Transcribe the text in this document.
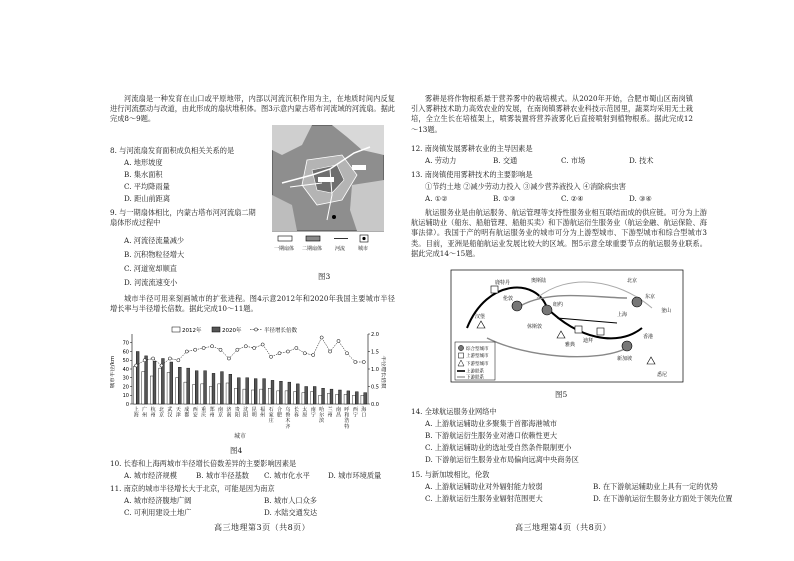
河流扇是一种发育在山口或平原地带，内部以河流沉积作用为主，在地质时间内反复进行河流摆动与改道，由此形成的扇状堆积体。图3示意内蒙古塔布河流域的河流扇。据此完成8～9题。
8. 与河流扇发育面积成负相关关系的是
A. 地形坡度
B. 集水面积
C. 平均降雨量
D. 距山前距离
9. 与一期扇体相比，内蒙古塔布河河流扇二期扇体形成过程中
A. 河流径流量减少
B. 沉积物粒径增大
C. 河道宽却顺直
D. 河流流速变小
一期扇体 二期扇体	河流	城市
图3
城市半径可用来刻画城市的扩张进程。图4示意2012年和2020年我国主要城市半径增长率与半径增长倍数。据此完成10～11题。
0
10
20
30
40
50
60
70
0.0
0.5
1.0
1.5
2.0
上
海
广
州
杭
州
北
京
武
汉
天
津
成
都
西
安
重
庆
郑
州
南
京
济
南
贵
阳
沈
阳
昆
明
福
州
石
家
庄
合
肥
乌
鲁
木
齐
长
春
太
原
南
宁
哈
尔
滨
兰
州
南
昌
呼
和
浩
特
西
宁
海
口
2012年	2020年	半径增长倍数
城市半径/km	半径增长倍数
城市
图4
10. 长春和上海两城市半径增长倍数差异的主要影响因素是
A. 城市经济规模	B. 城市半径基数 C. 城市化水平	D. 城市环境质量
11. 南京的城市半径增长大于北京，可能是因为南京
A. 城市经济腹地广阔	B. 城市人口众多
C. 可利用建设土地广	D. 水陆交通发达
高三地理第3页（共8页）
雾耕是将作物根系悬于营养雾中的栽培模式。从2020年开始，合肥市蜀山区南岗镇引入雾耕技术助力高效农业的发展，在南岗镇雾耕农业科技示范园里，蔬菜均采用无土栽培，全立生长在培植架上，喷雾装置将营养液雾化后直接喷射到植物根系。据此完成12～13题。
12. 南岗镇发展雾耕农业的主导因素是
A. 劳动力	B. 交通	C. 市场	D. 技术
13. 南岗镇使用雾耕技术的主要影响是
①节约土地 ②减少劳动力投入 ③减少营养液投入 ④消除病虫害
A. ①②	B. ①③	C. ②④	D. ③④
航运服务业是由航运服务、航运管理等支持性服务业相互联结而成的供应链。可分为上游航运辅助业（船东、船舶管理、船舶买卖）和下游航运衍生服务业（航运金融、航运保险、海事法律）。我国于产的明有航运服务业的城市可分为上游型城市、下游型城市和综合型城市3类。目前，亚洲是船舶航运业发展比较大的区域。图5示意全球重要节点的航运服务业联系。据此完成14～15题。
鹿特丹
伦敦
汉堡
纽约
休斯敦
东京
上海
新加坡
香港
北京
釜山
迪拜
雅典
奥斯陆
悉尼
综合型城市
上游型城市
下游型城市
上游联系
下游联系
图5
14. 全球航运服务业网络中
A. 上游航运辅助业多聚集于首都海港城市
B. 下游航运衍生服务业对港口依赖性更大
C. 上游航运辅助业的选址受自然条件限制更小
D. 下游航运衍生服务业布局偏向远离中央商务区
15. 与新加坡相比，伦敦
A. 上游航运辅助业对外辐射能力较弱	B. 在下游航运辅助业上具有一定的优势
C. 上游航运衍生服务业辐射范围更大	D. 在下游航运衍生服务业方面处于领先位置
高三地理第4页（共8页）
